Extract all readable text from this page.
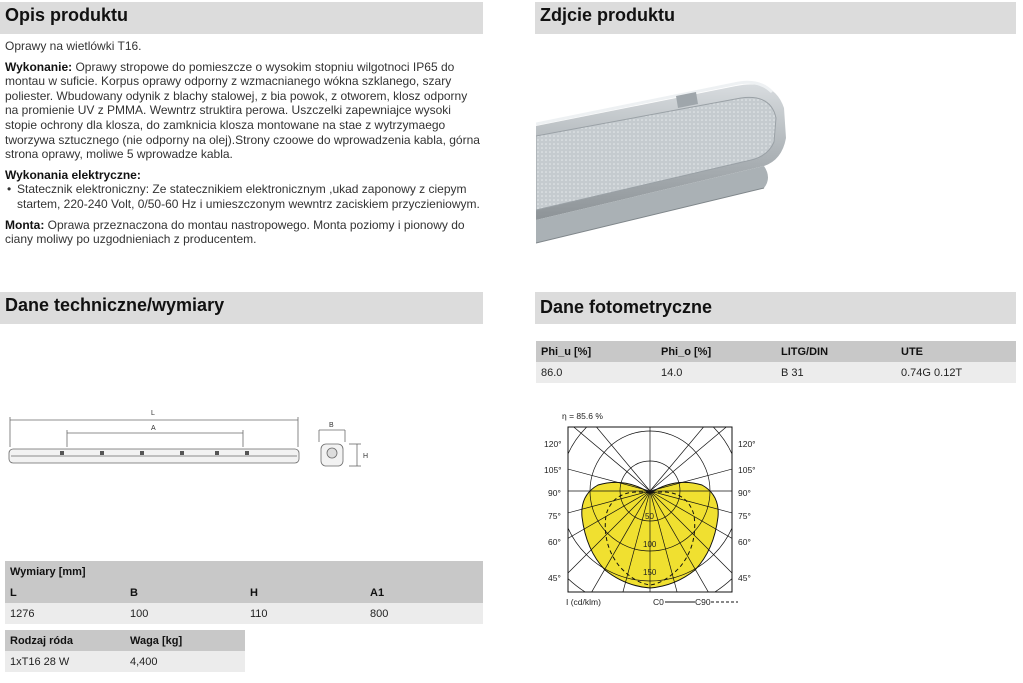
Opis produktu	Zdjcie produktu
Dane techniczne/wymiary	Dane fotometryczne

Oprawy na wietlówki T16.

Wykonanie: Oprawy stropowe do pomieszcze o wysokim stopniu wilgotnoci IP65 do montau w suficie. Korpus oprawy odporny z wzmacnianego wókna szklanego, szary poliester. Wbudowany odynik z blachy stalowej, z bia powok, z otworem, klosz odporny na promienie UV z PMMA. Wewntrz struktira perowa. Uszczelki zapewniajce wysoki stopie ochrony dla klosza, do zamknicia klosza montowane na stae z wytrzymaego tworzywa sztucznego (nie odporny na olej).Strony czoowe do wprowadzenia kabla, górna strona oprawy, moliwe 5 wprowadze kabla.

Wykonania elektryczne:

• Statecznik elektroniczny: Ze statecznikiem elektronicznym ,ukad zaponowy z ciepym startem, 220-240 Volt, 0/50-60 Hz i umieszczonym wewntrz zaciskiem przyczieniowym.

Monta: Oprawa przeznaczona do montau nastropowego. Monta poziomy i pionowy do ciany moliwy po uzgodnieniach z producentem.

L
A	B
H
Wymiary [mm]			
L	B	H	A1
1276	100	110	800
Rodzaj róda	Waga [kg]
1xT16 28 W	4,400
Phi_u [%]	Phi_o [%]	LITG/DIN	UTE
86.0	14.0	B 31	0.74G 0.12T
η = 85.6 %
120°
105°
90°
75°
60°
45°
120°
105°
90°
75°
60°
45°
50
100
150
I (cd/klm)	C0	C90
